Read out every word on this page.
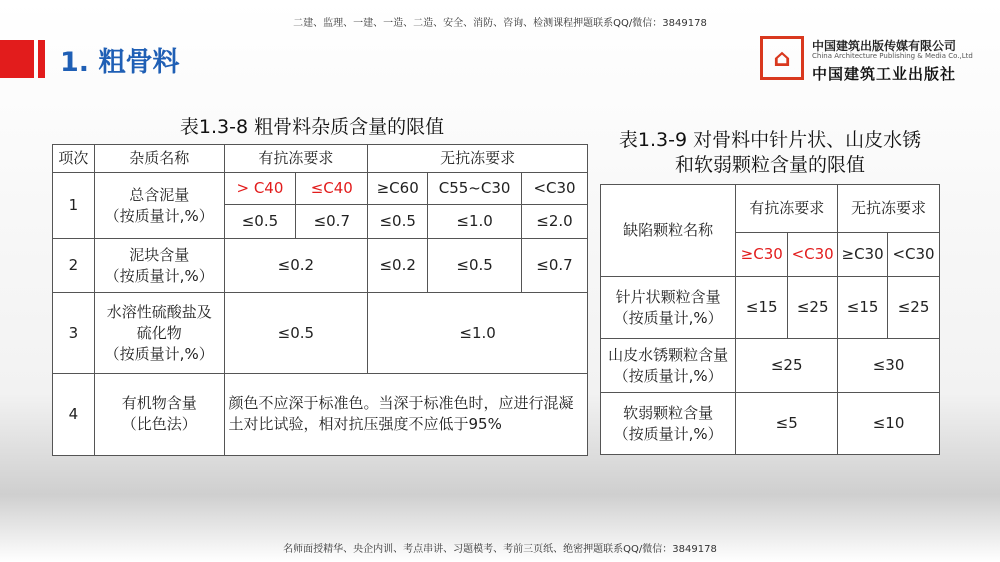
二建、监理、一建、一造、二造、安全、消防、咨询、检测课程押题联系QQ/微信：3849178
1. 粗骨料	⌂ 中国建筑出版传媒有限公司
China Architecture Publishing & Media Co.,Ltd
中国建筑工业出版社
表1.3-8 粗骨料杂质含量的限值
项次	杂质名称	有抗冻要求		无抗冻要求		
1	总含泥量
（按质量计,%）	> C40	≤C40	≥C60	C55~C30	<C30
		≤0.5	≤0.7	≤0.5	≤1.0	≤2.0
2	泥块含量
（按质量计,%）	≤0.2		≤0.2	≤0.5	≤0.7
3	水溶性硫酸盐及
硫化物
（按质量计,%）	≤0.5		≤1.0		
4	有机物含量
（比色法）	颜色不应深于标准色。当深于标准色时，应进行混凝土对比试验，相对抗压强度不应低于95%				
表1.3-9 对骨料中针片状、山皮水锈
和软弱颗粒含量的限值
缺陷颗粒名称	有抗冻要求		无抗冻要求	
	≥C30	<C30	≥C30	<C30
针片状颗粒含量
（按质量计,%）	≤15	≤25	≤15	≤25
山皮水锈颗粒含量
（按质量计,%）	≤25		≤30	
软弱颗粒含量
（按质量计,%）	≤5		≤10	
名师面授精华、央企内训、考点串讲、习题模考、考前三页纸、绝密押题联系QQ/微信：3849178
